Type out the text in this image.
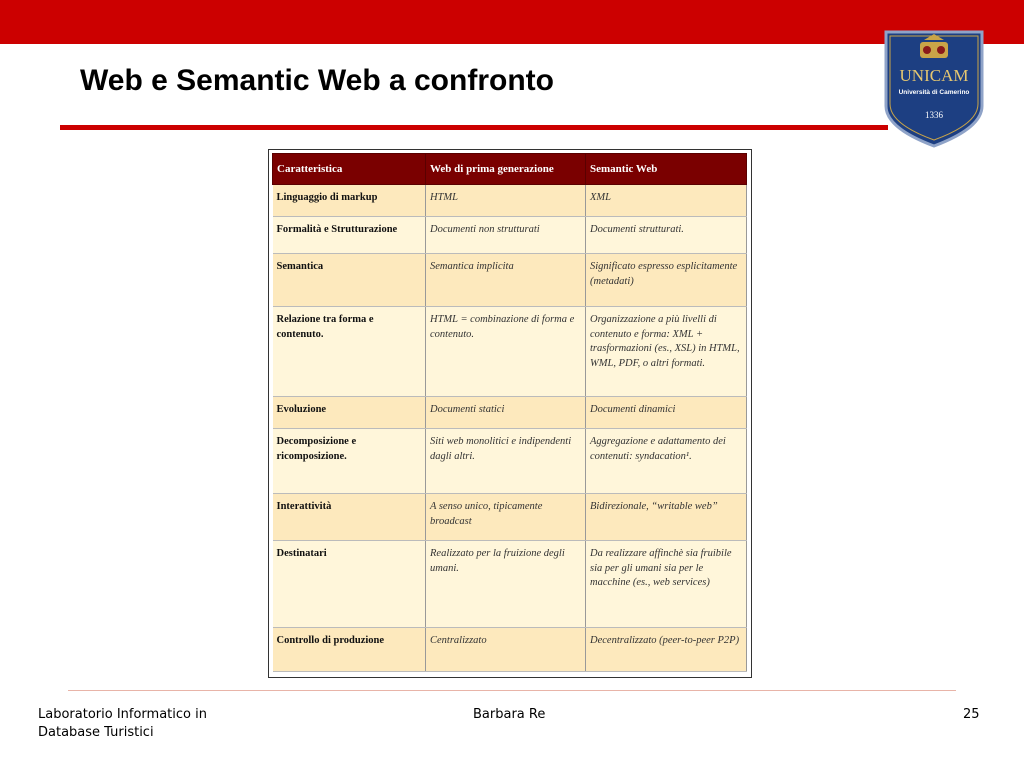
Web e Semantic Web a confronto	UNICAM
Università di Camerino
1336
Caratteristica	Web di prima generazione	Semantic Web
Linguaggio di markup	HTML	XML
Formalità e Strutturazione	Documenti non strutturati	Documenti strutturati.
Semantica	Semantica implicita	Significato espresso esplicitamente (metadati)
Relazione tra forma e contenuto.	HTML = combinazione di forma e contenuto.	Organizzazione a più livelli di contenuto e forma: XML + trasformazioni (es., XSL) in HTML, WML, PDF, o altri formati.
Evoluzione	Documenti statici	Documenti dinamici
Decomposizione e ricomposizione.	Siti web monolitici e indipendenti dagli altri.	Aggregazione e adattamento dei contenuti: syndacation¹.
Interattività	A senso unico, tipicamente broadcast	Bidirezionale, “writable web”
Destinatari	Realizzato per la fruizione degli umani.	Da realizzare affinchè sia fruibile sia per gli umani sia per le macchine (es., web services)
Controllo di produzione	Centralizzato	Decentralizzato (peer-to-peer P2P)
Laboratorio Informatico in
Database Turistici
Barbara Re	25
